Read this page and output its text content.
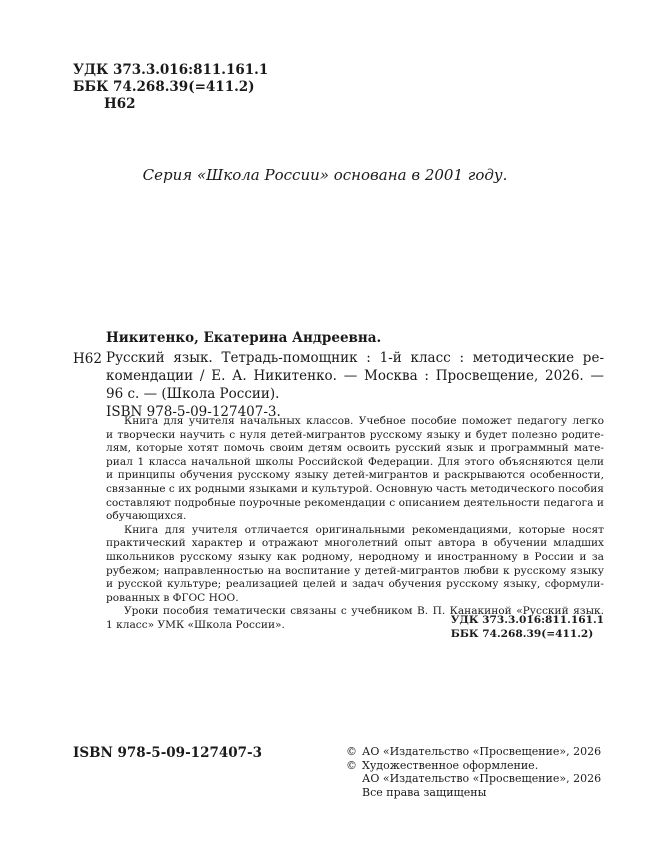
УДК 373.3.016:811.161.1
ББК 74.268.39(=411.2)
Н62
Серия «Школа России» основана в 2001 году.
Никитенко, Екатерина Андреевна.
Н62 Русский язык. Тетрадь-помощник : 1-й класс : методические ре-
комендации / Е. А. Никитенко. — Москва : Просвещение, 2026. —
96 с. — (Школа России).
ISBN 978-5-09-127407-3.
Книга для учителя начальных классов. Учебное пособие поможет педагогу легко
и творчески научить с нуля детей-мигрантов русскому языку и будет полезно родите-
лям, которые хотят помочь своим детям освоить русский язык и программный мате-
риал 1 класса начальной школы Российской Федерации. Для этого объясняются цели
и принципы обучения русскому языку детей-мигрантов и раскрываются особенности,
связанные с их родными языками и культурой. Основную часть методического пособия
составляют подробные поурочные рекомендации с описанием деятельности педагога и
обучающихся.
Книга для учителя отличается оригинальными рекомендациями, которые носят
практический характер и отражают многолетний опыт автора в обучении младших
школьников русскому языку как родному, неродному и иностранному в России и за
рубежом; направленностью на воспитание у детей-мигрантов любви к русскому языку
и русской культуре; реализацией целей и задач обучения русскому языку, сформули-
рованных в ФГОС НОО.
Уроки пособия тематически связаны с учебником В. П. Канакиной «Русский язык.
1 класс» УМК «Школа России».	УДК 373.3.016:811.161.1
ББК 74.268.39(=411.2)
ISBN 978-5-09-127407-3	© АО «Издательство «Просвещение», 2026
© Художественное оформление.
АО «Издательство «Просвещение», 2026
Все права защищены
